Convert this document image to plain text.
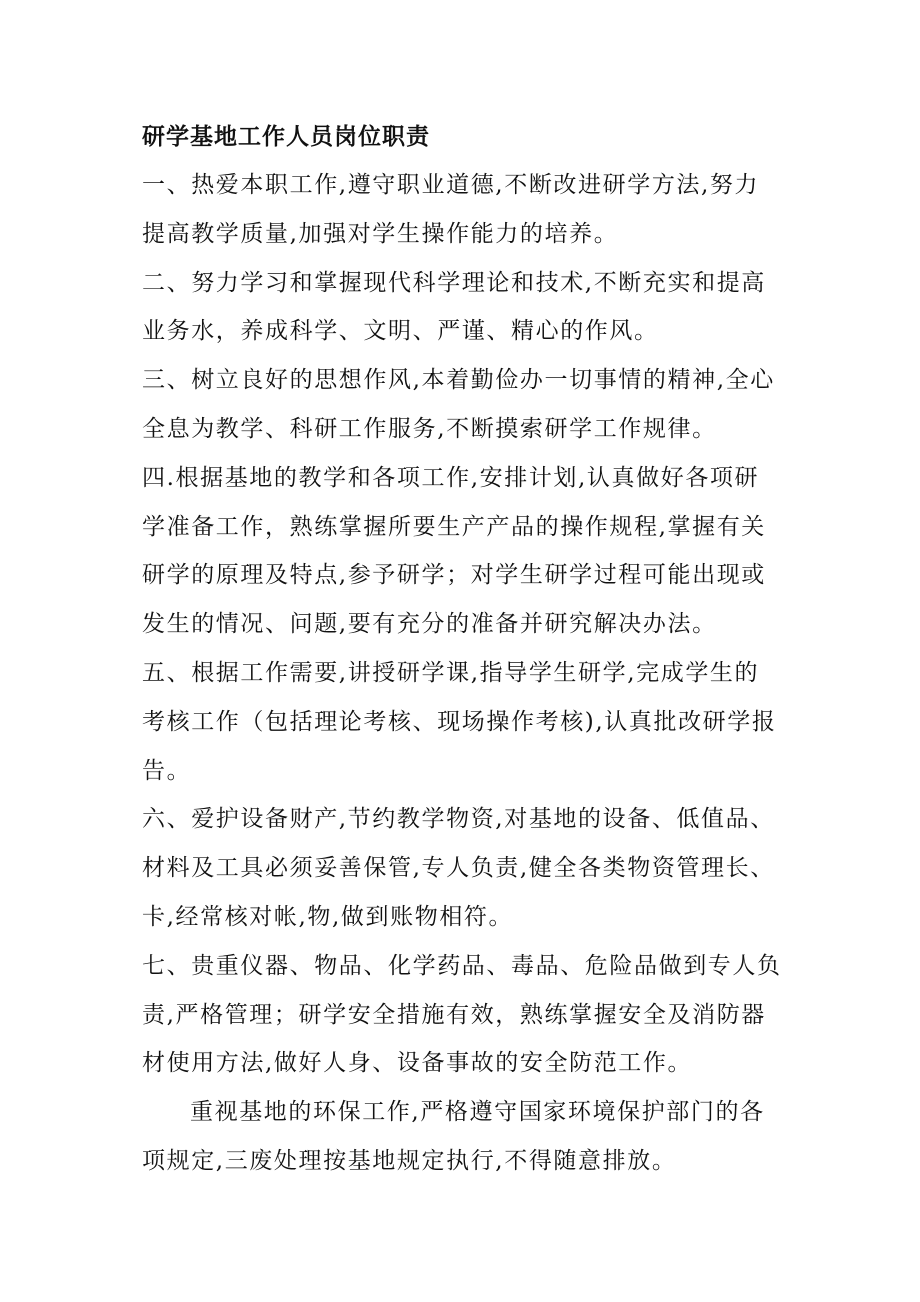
研学基地工作人员岗位职责

一、热爱本职工作,遵守职业道德,不断改进研学方法,努力
提高教学质量,加强对学生操作能力的培养。

二、努力学习和掌握现代科学理论和技术,不断充实和提高
业务水，养成科学、文明、严谨、精心的作风。

三、树立良好的思想作风,本着勤俭办一切事情的精神,全心
全息为教学、科研工作服务,不断摸索研学工作规律。

四.根据基地的教学和各项工作,安排计划,认真做好各项研
学准备工作，熟练掌握所要生产产品的操作规程,掌握有关
研学的原理及特点,参予研学；对学生研学过程可能出现或
发生的情况、问题,要有充分的准备并研究解决办法。

五、根据工作需要,讲授研学课,指导学生研学,完成学生的
考核工作（包括理论考核、现场操作考核),认真批改研学报
告。

六、爱护设备财产,节约教学物资,对基地的设备、低值品、
材料及工具必须妥善保管,专人负责,健全各类物资管理长、
卡,经常核对帐,物,做到账物相符。

七、贵重仪器、物品、化学药品、毒品、危险品做到专人负
责,严格管理；研学安全措施有效，熟练掌握安全及消防器
材使用方法,做好人身、设备事故的安全防范工作。

重视基地的环保工作,严格遵守国家环境保护部门的各
项规定,三废处理按基地规定执行,不得随意排放。
